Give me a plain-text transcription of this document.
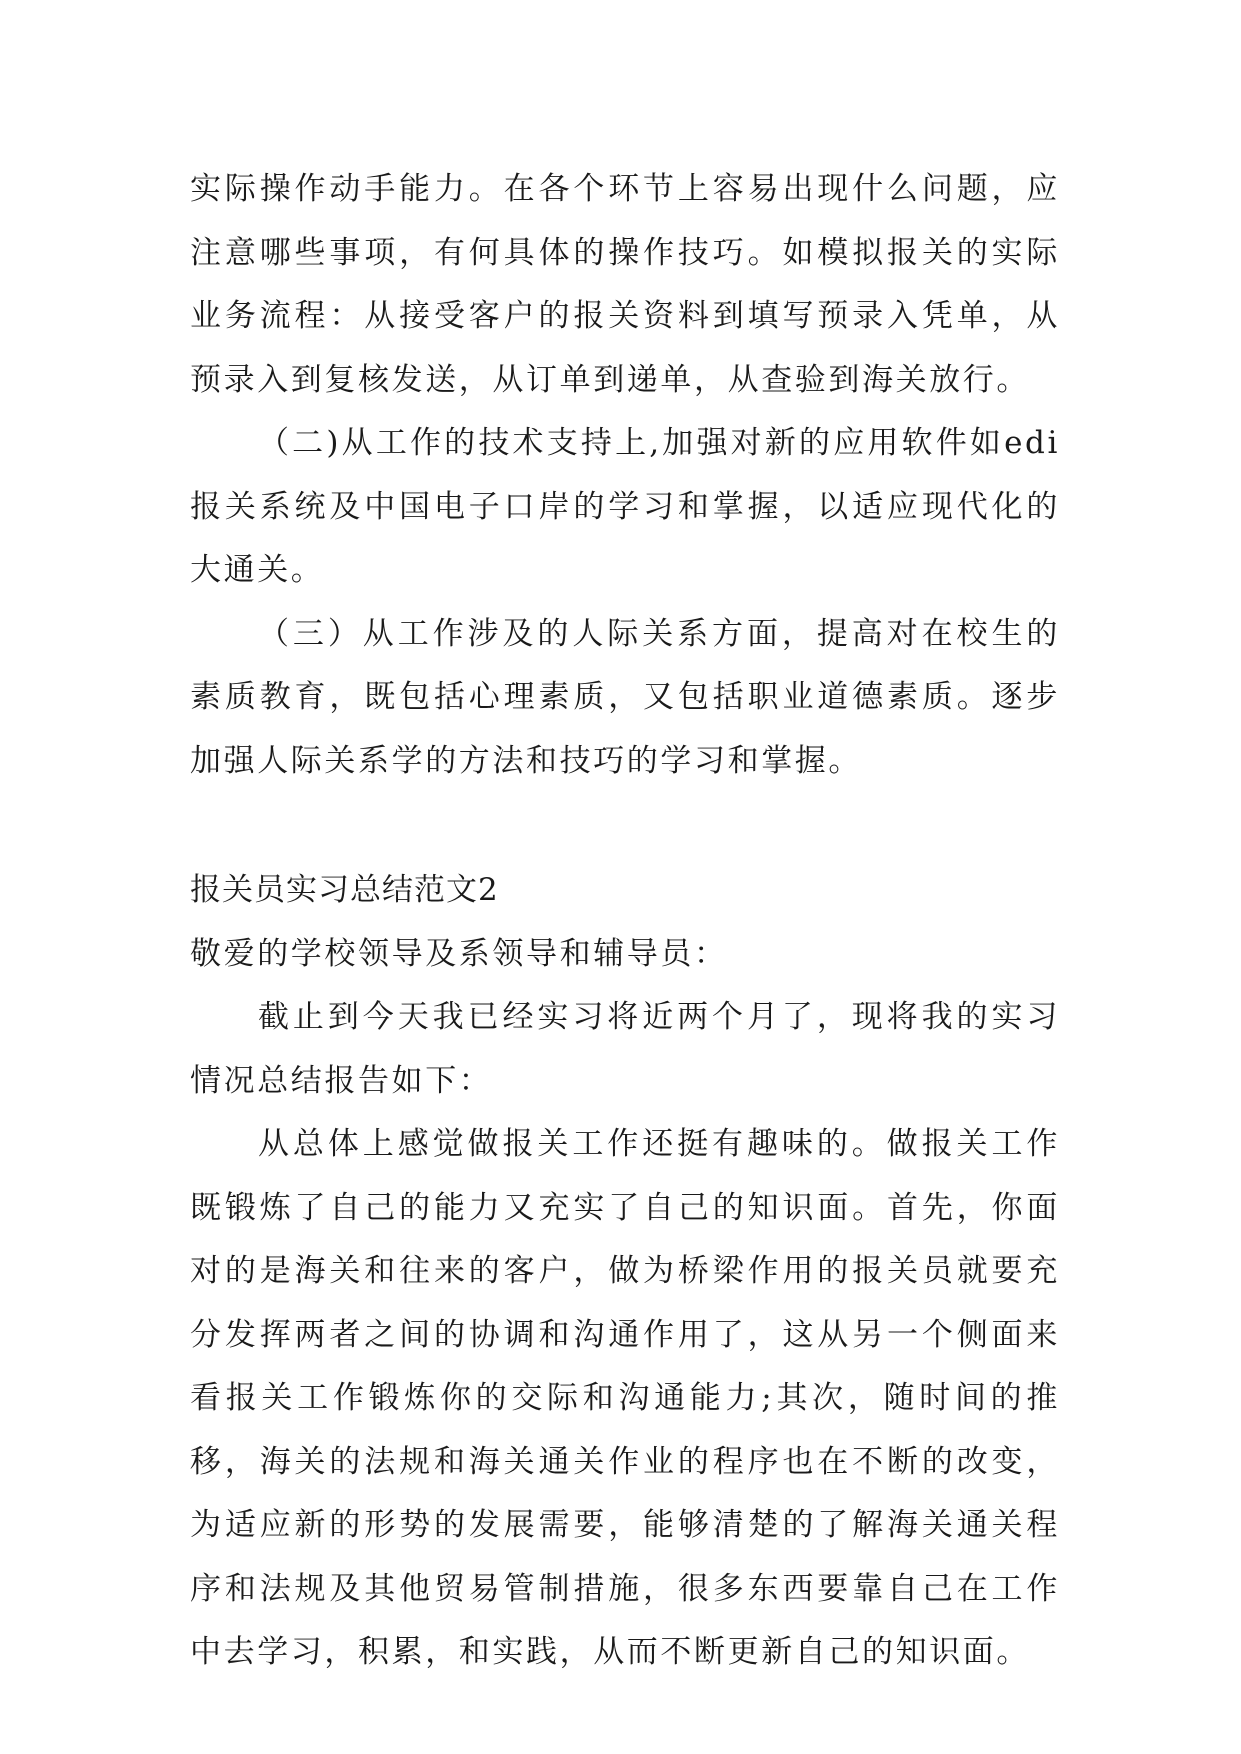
实际操作动手能力。在各个环节上容易出现什么问题，应注意哪些事项，有何具体的操作技巧。如模拟报关的实际业务流程：从接受客户的报关资料到填写预录入凭单，从预录入到复核发送，从订单到递单，从查验到海关放行。

（二)从工作的技术支持上,加强对新的应用软件如edi报关系统及中国电子口岸的学习和掌握，以适应现代化的大通关。

（三）从工作涉及的人际关系方面，提高对在校生的素质教育，既包括心理素质，又包括职业道德素质。逐步加强人际关系学的方法和技巧的学习和掌握。

报关员实习总结范文2

敬爱的学校领导及系领导和辅导员：

截止到今天我已经实习将近两个月了，现将我的实习情况总结报告如下：

从总体上感觉做报关工作还挺有趣味的。做报关工作既锻炼了自己的能力又充实了自己的知识面。首先，你面对的是海关和往来的客户，做为桥梁作用的报关员就要充分发挥两者之间的协调和沟通作用了，这从另一个侧面来看报关工作锻炼你的交际和沟通能力;其次，随时间的推移，海关的法规和海关通关作业的程序也在不断的改变，为适应新的形势的发展需要，能够清楚的了解海关通关程序和法规及其他贸易管制措施，很多东西要靠自己在工作中去学习，积累，和实践，从而不断更新自己的知识面。
